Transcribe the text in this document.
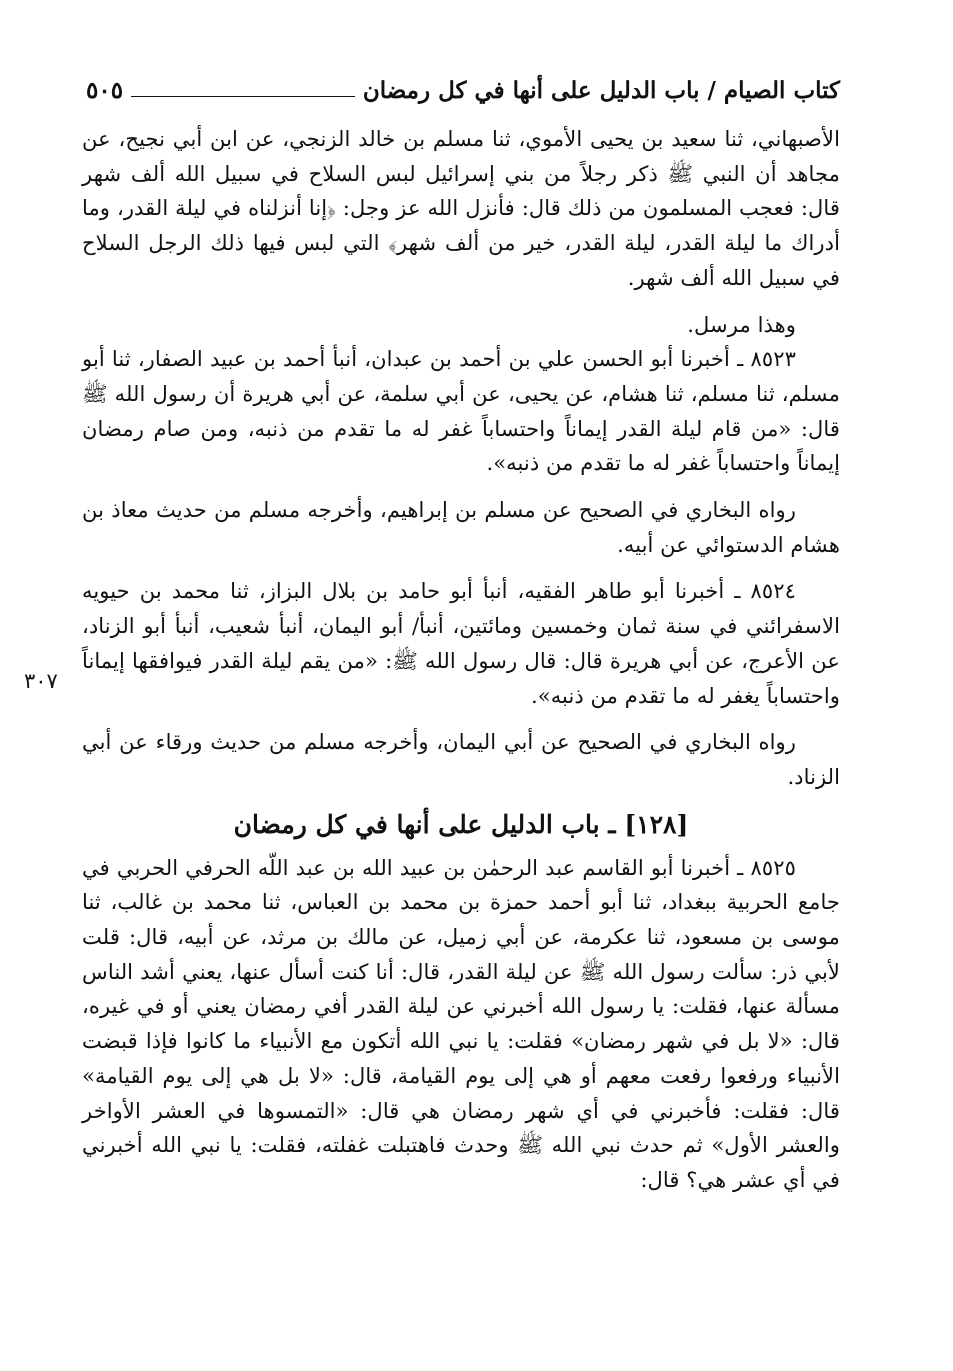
كتاب الصيام / باب الدليل على أنها في كل رمضان
٥٠٥
٣٠٧

الأصبهاني، ثنا سعيد بن يحيى الأموي، ثنا مسلم بن خالد الزنجي، عن ابن أبي نجيح، عن مجاهد أن النبي ﷺ ذكر رجلاً من بني إسرائيل لبس السلاح في سبيل الله ألف شهر قال: فعجب المسلمون من ذلك قال: فأنزل الله عز وجل: ﴿إنا أنزلناه في ليلة القدر، وما أدراك ما ليلة القدر، ليلة القدر، خير من ألف شهر﴾ التي لبس فيها ذلك الرجل السلاح في سبيل الله ألف شهر.

وهذا مرسل.

٨٥٢٣ ـ أخبرنا أبو الحسن علي بن أحمد بن عبدان، أنبأ أحمد بن عبيد الصفار، ثنا أبو مسلم، ثنا مسلم، ثنا هشام، عن يحيى، عن أبي سلمة، عن أبي هريرة أن رسول الله ﷺ قال: «من قام ليلة القدر إيماناً واحتساباً غفر له ما تقدم من ذنبه، ومن صام رمضان إيماناً واحتساباً غفر له ما تقدم من ذنبه».

رواه البخاري في الصحيح عن مسلم بن إبراهيم، وأخرجه مسلم من حديث معاذ بن هشام الدستوائي عن أبيه.

٨٥٢٤ ـ أخبرنا أبو طاهر الفقيه، أنبأ أبو حامد بن بلال البزاز، ثنا محمد بن حيويه الاسفرائني في سنة ثمان وخمسين ومائتين، أنبأ/ أبو اليمان، أنبأ شعيب، أنبأ أبو الزناد، عن الأعرج، عن أبي هريرة قال: قال رسول الله ﷺ: «من يقم ليلة القدر فيوافقها إيماناً واحتساباً يغفر له ما تقدم من ذنبه».

رواه البخاري في الصحيح عن أبي اليمان، وأخرجه مسلم من حديث ورقاء عن أبي الزناد.

[١٢٨] ـ باب الدليل على أنها في كل رمضان

٨٥٢٥ ـ أخبرنا أبو القاسم عبد الرحمٰن بن عبيد الله بن عبد اللّه الحرفي الحربي في جامع الحربية ببغداد، ثنا أبو أحمد حمزة بن محمد بن العباس، ثنا محمد بن غالب، ثنا موسى بن مسعود، ثنا عكرمة، عن أبي زميل، عن مالك بن مرثد، عن أبيه، قال: قلت لأبي ذر: سألت رسول الله ﷺ عن ليلة القدر، قال: أنا كنت أسأل عنها، يعني أشد الناس مسألة عنها، فقلت: يا رسول الله أخبرني عن ليلة القدر أفي رمضان يعني أو في غيره، قال: «لا بل في شهر رمضان» فقلت: يا نبي الله أتكون مع الأنبياء ما كانوا فإذا قبضت الأنبياء ورفعوا رفعت معهم أو هي إلى يوم القيامة، قال: «لا بل هي إلى يوم القيامة» قال: فقلت: فأخبرني في أي شهر رمضان هي قال: «التمسوها في العشر الأواخر والعشر الأول» ثم حدث نبي الله ﷺ وحدث فاهتبلت غفلته، فقلت: يا نبي الله أخبرني في أي عشر هي؟ قال:
